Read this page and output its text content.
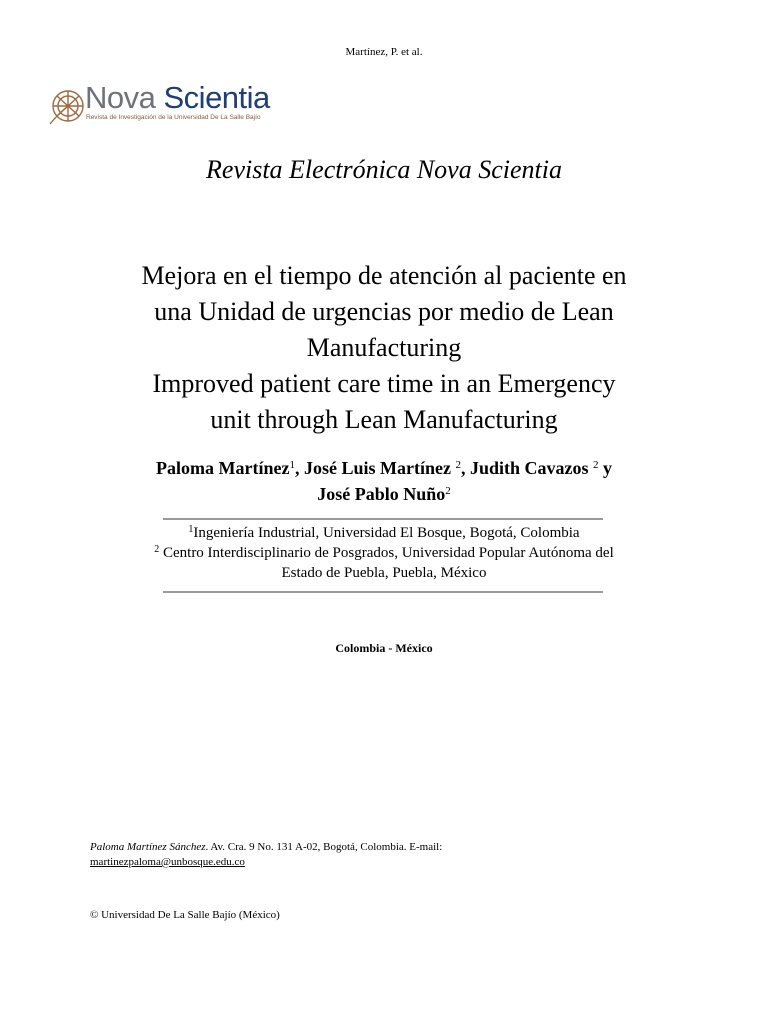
Martínez, P. et al.
Nova Scientia
Revista de Investigación de la Universidad De La Salle Bajío
Revista Electrónica Nova Scientia
Mejora en el tiempo de atención al paciente en
una Unidad de urgencias por medio de Lean
Manufacturing
Improved patient care time in an Emergency
unit through Lean Manufacturing
Paloma Martínez$^1$, José Luis Martínez $^2$, Judith Cavazos $^2$ y
José Pablo Nuño$^2$
$^1$Ingeniería Industrial, Universidad El Bosque, Bogotá, Colombia
$^2$ Centro Interdisciplinario de Posgrados, Universidad Popular Autónoma del
Estado de Puebla, Puebla, México
Colombia - México
Paloma Martínez Sánchez. Av. Cra. 9 No. 131 A-02, Bogotá, Colombia. E-mail:
martinezpaloma@unbosque.edu.co
© Universidad De La Salle Bajío (México)
